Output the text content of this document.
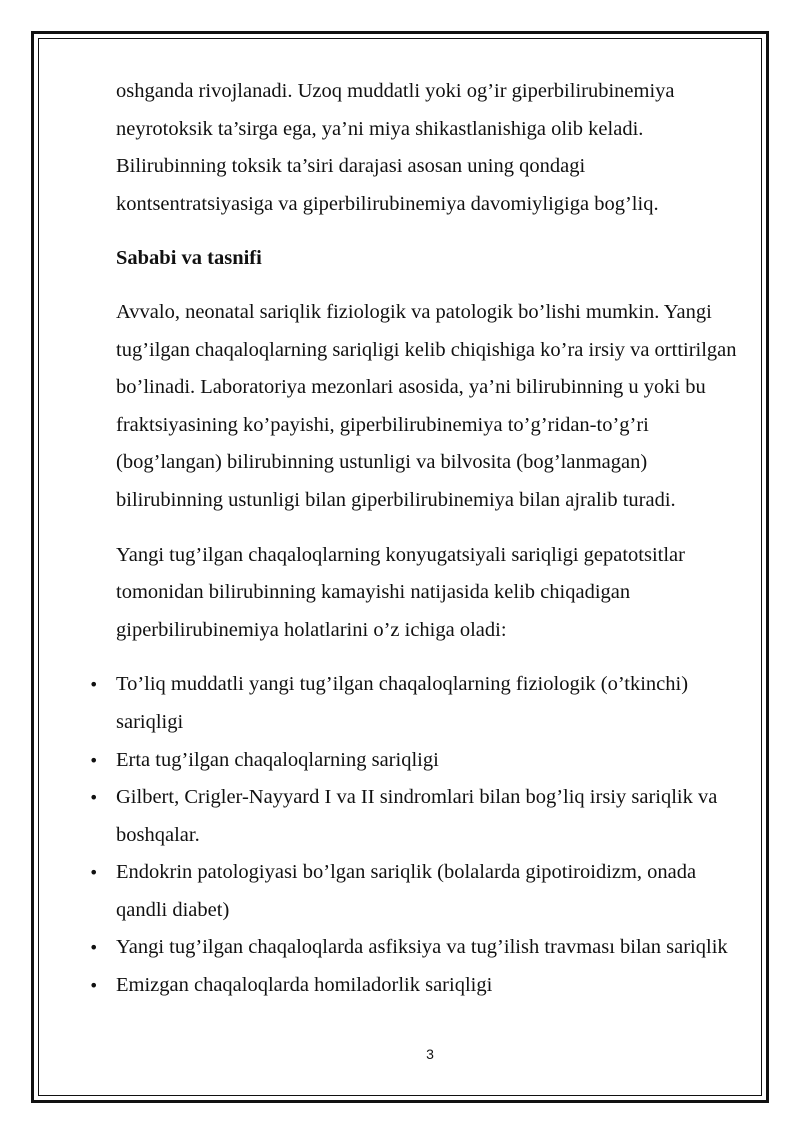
oshganda rivojlanadi. Uzoq muddatli yoki og’ir giperbilirubinemiya neyrotoksik ta’sirga ega, ya’ni miya shikastlanishiga olib keladi. Bilirubinning toksik ta’siri darajasi asosan uning qondagi kontsentratsiyasiga va giperbilirubinemiya davomiyligiga bog’liq.

Sababi va tasnifi

Avvalo, neonatal sariqlik fiziologik va patologik bo’lishi mumkin. Yangi tug’ilgan chaqaloqlarning sariqligi kelib chiqishiga ko’ra irsiy va orttirilgan bo’linadi. Laboratoriya mezonlari asosida, ya’ni bilirubinning u yoki bu fraktsiyasining ko’payishi, giperbilirubinemiya to’g’ridan-to’g’ri (bog’langan) bilirubinning ustunligi va bilvosita (bog’lanmagan) bilirubinning ustunligi bilan giperbilirubinemiya bilan ajralib turadi.

Yangi tug’ilgan chaqaloqlarning konyugatsiyali sariqligi gepatotsitlar tomonidan bilirubinning kamayishi natijasida kelib chiqadigan giperbilirubinemiya holatlarini o’z ichiga oladi:

• To’liq muddatli yangi tug’ilgan chaqaloqlarning fiziologik (o’tkinchi) sariqligi
• Erta tug’ilgan chaqaloqlarning sariqligi
• Gilbert, Crigler-Nayyard I va II sindromlari bilan bog’liq irsiy sariqlik va boshqalar.
• Endokrin patologiyasi bo’lgan sariqlik (bolalarda gipotiroidizm, onada qandli diabet)
• Yangi tug’ilgan chaqaloqlarda asfiksiya va tug’ilish travması bilan sariqlik
• Emizgan chaqaloqlarda homiladorlik sariqligi
3
